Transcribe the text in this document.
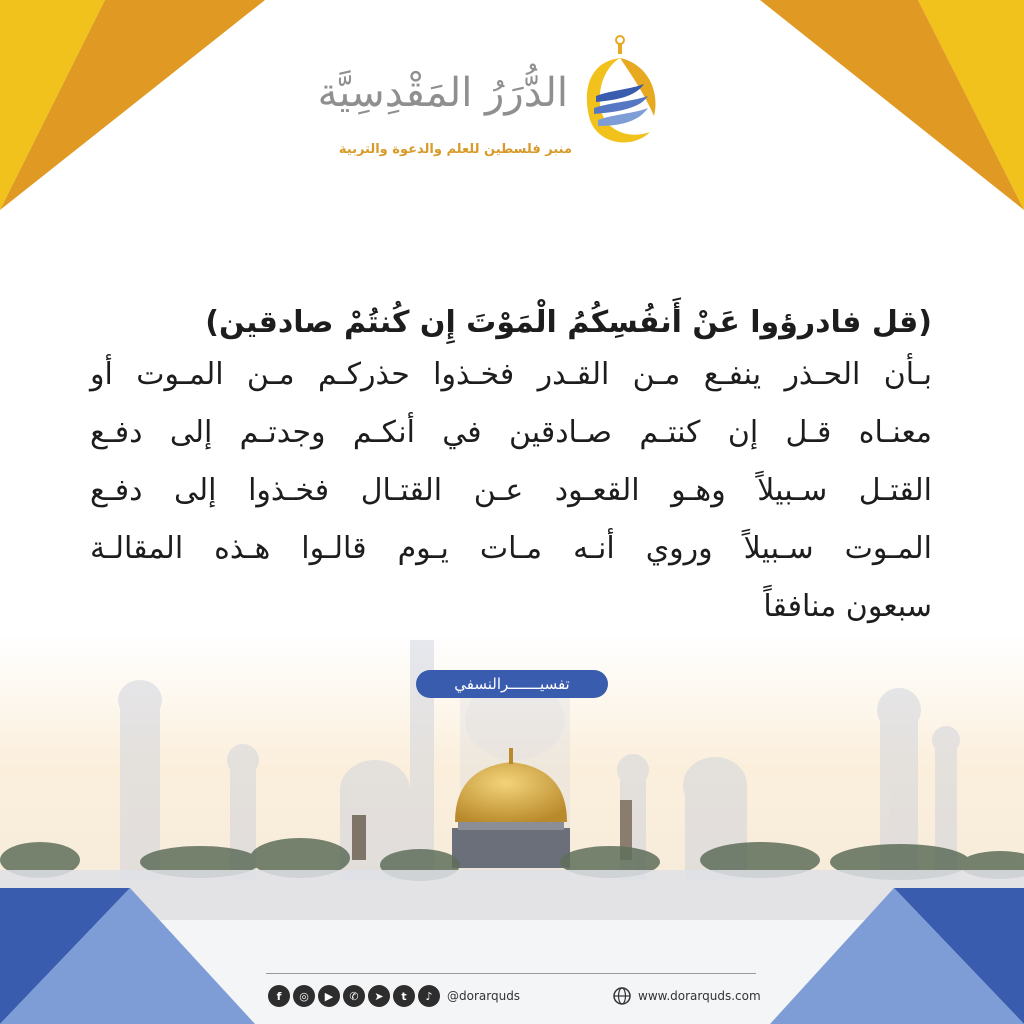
الدُّرَرُ المَقْدِسِيَّة
منبر فلسطين للعلم والدعوة والتربية

(قل فادرؤوا عَنْ أَنفُسِكُمُ الْمَوْتَ إِن كُنتُمْ صادقين)

بـأن الحـذر ينفـع مـن القـدر فخـذوا حذركـم مـن المـوت أو

معنـاه قـل إن كنتـم صـادقين في أنكـم وجدتـم إلى دفـع

القتـل سـبيلاً وهـو القعـود عـن القتـال فخـذوا إلى دفـع

المـوت سـبيلاً وروي أنـه مـات يـوم قالـوا هـذه المقالـة

سبعون منافقاً

تفسيـــــــرالنسفي
f	◎	▶	✆	➤	t	♪	@dorarquds	www.dorarquds.com
